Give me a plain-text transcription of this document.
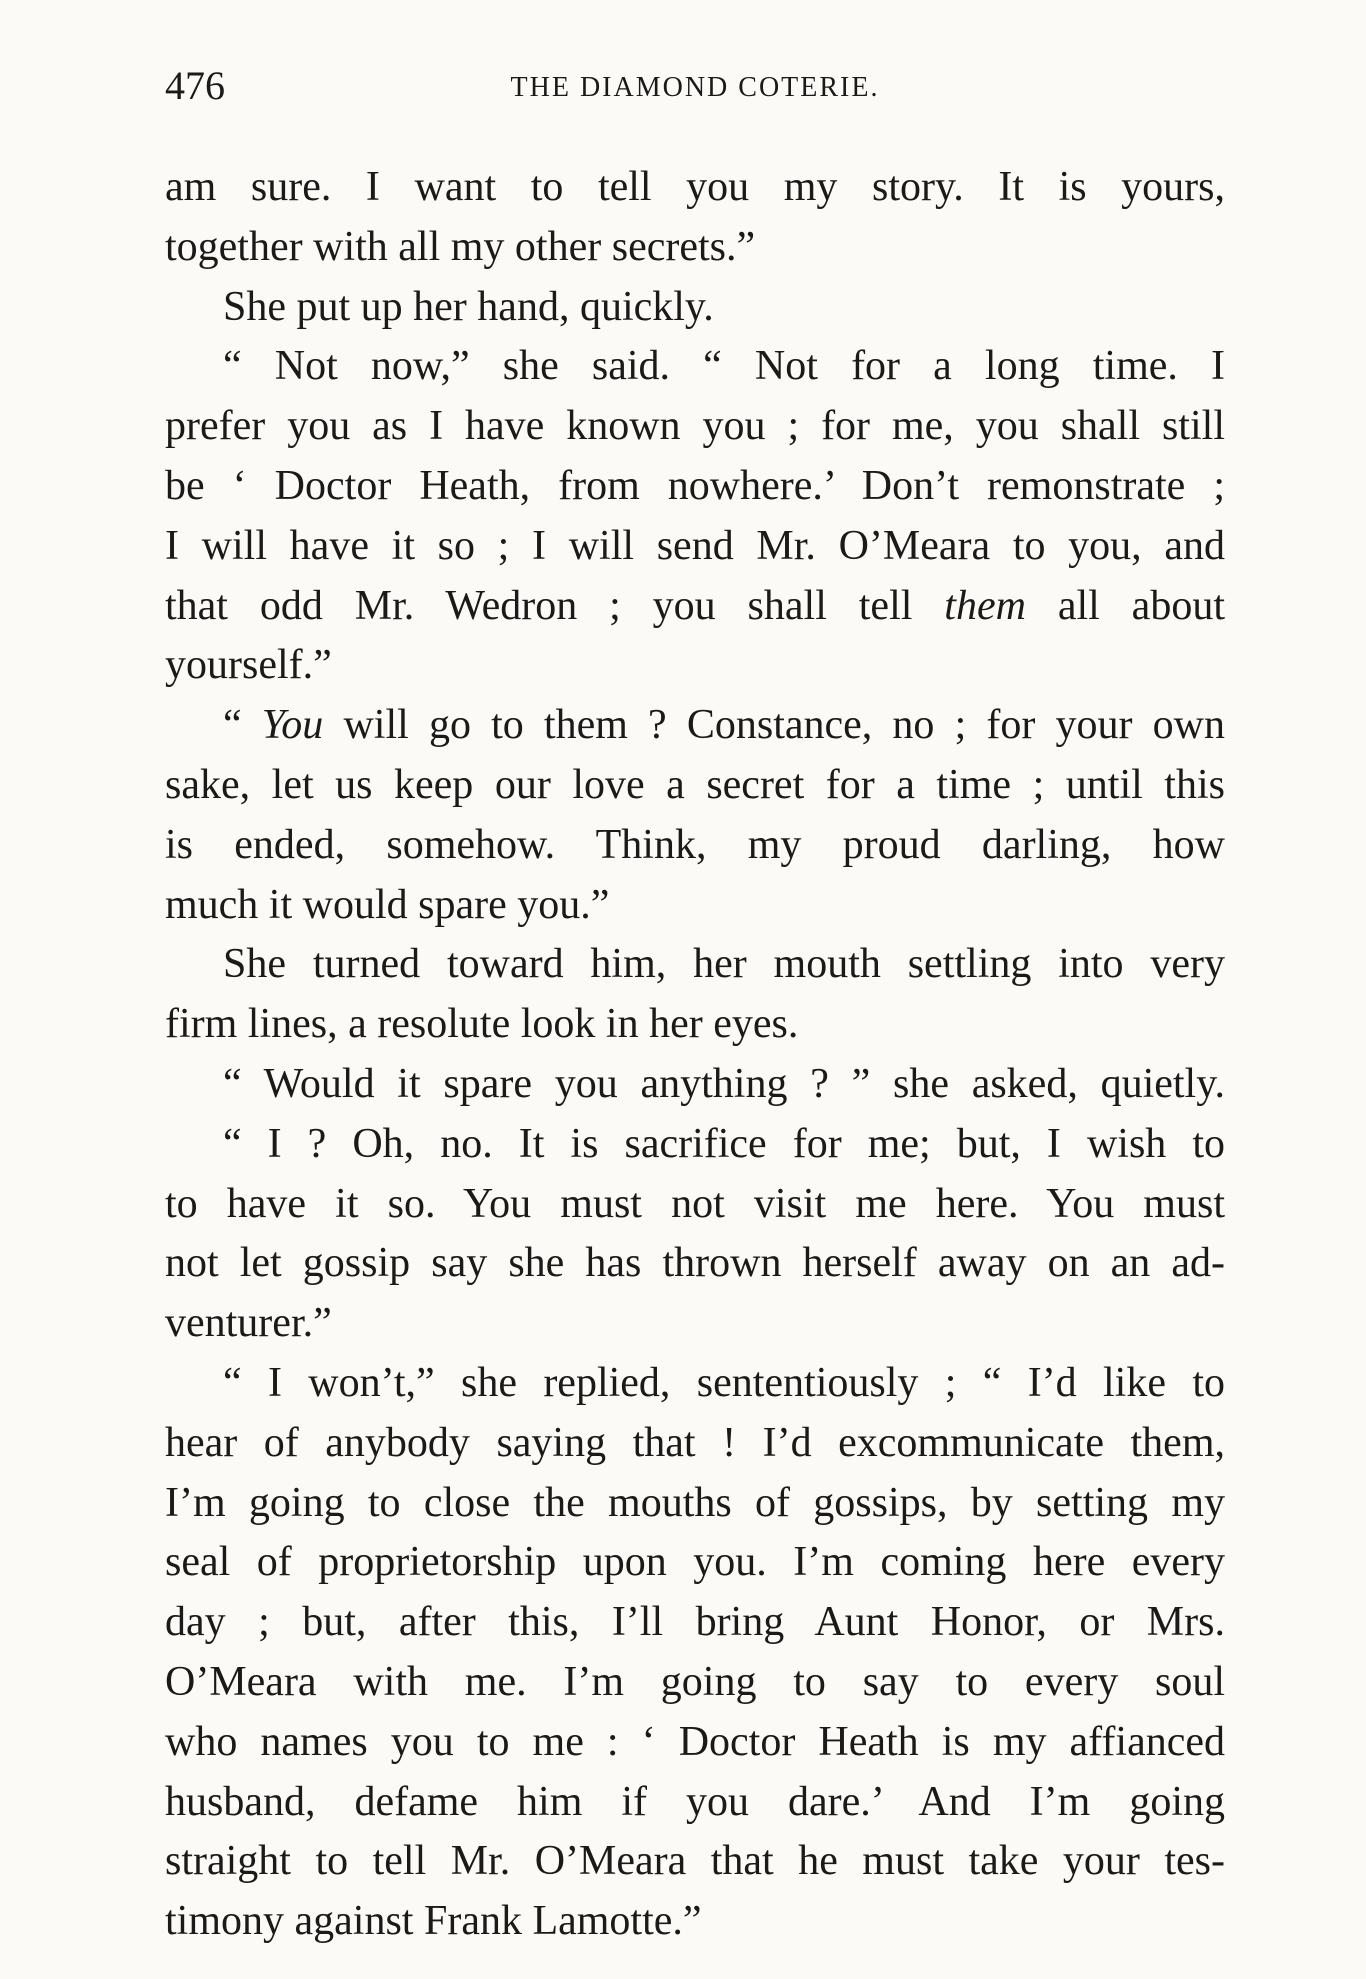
476	THE DIAMOND COTERIE.
am sure. I want to tell you my story. It is yours,
together with all my other secrets.”
She put up her hand, quickly.
“ Not now,” she said. “ Not for a long time. I
prefer you as I have known you ; for me, you shall still
be ‘ Doctor Heath, from nowhere.’ Don’t remonstrate ;
I will have it so ; I will send Mr. O’Meara to you, and
that odd Mr. Wedron ; you shall tell them all about
yourself.”
“ You will go to them ? Constance, no ; for your own
sake, let us keep our love a secret for a time ; until this
is ended, somehow. Think, my proud darling, how
much it would spare you.”
She turned toward him, her mouth settling into very
firm lines, a resolute look in her eyes.
“ Would it spare you anything ? ” she asked, quietly.
“ I ? Oh, no. It is sacrifice for me; but, I wish to
to have it so. You must not visit me here. You must
not let gossip say she has thrown herself away on an ad-
venturer.”
“ I won’t,” she replied, sententiously ; “ I’d like to
hear of anybody saying that ! I’d excommunicate them,
I’m going to close the mouths of gossips, by setting my
seal of proprietorship upon you. I’m coming here every
day ; but, after this, I’ll bring Aunt Honor, or Mrs.
O’Meara with me. I’m going to say to every soul
who names you to me : ‘ Doctor Heath is my affianced
husband, defame him if you dare.’ And I’m going
straight to tell Mr. O’Meara that he must take your tes-
timony against Frank Lamotte.”
